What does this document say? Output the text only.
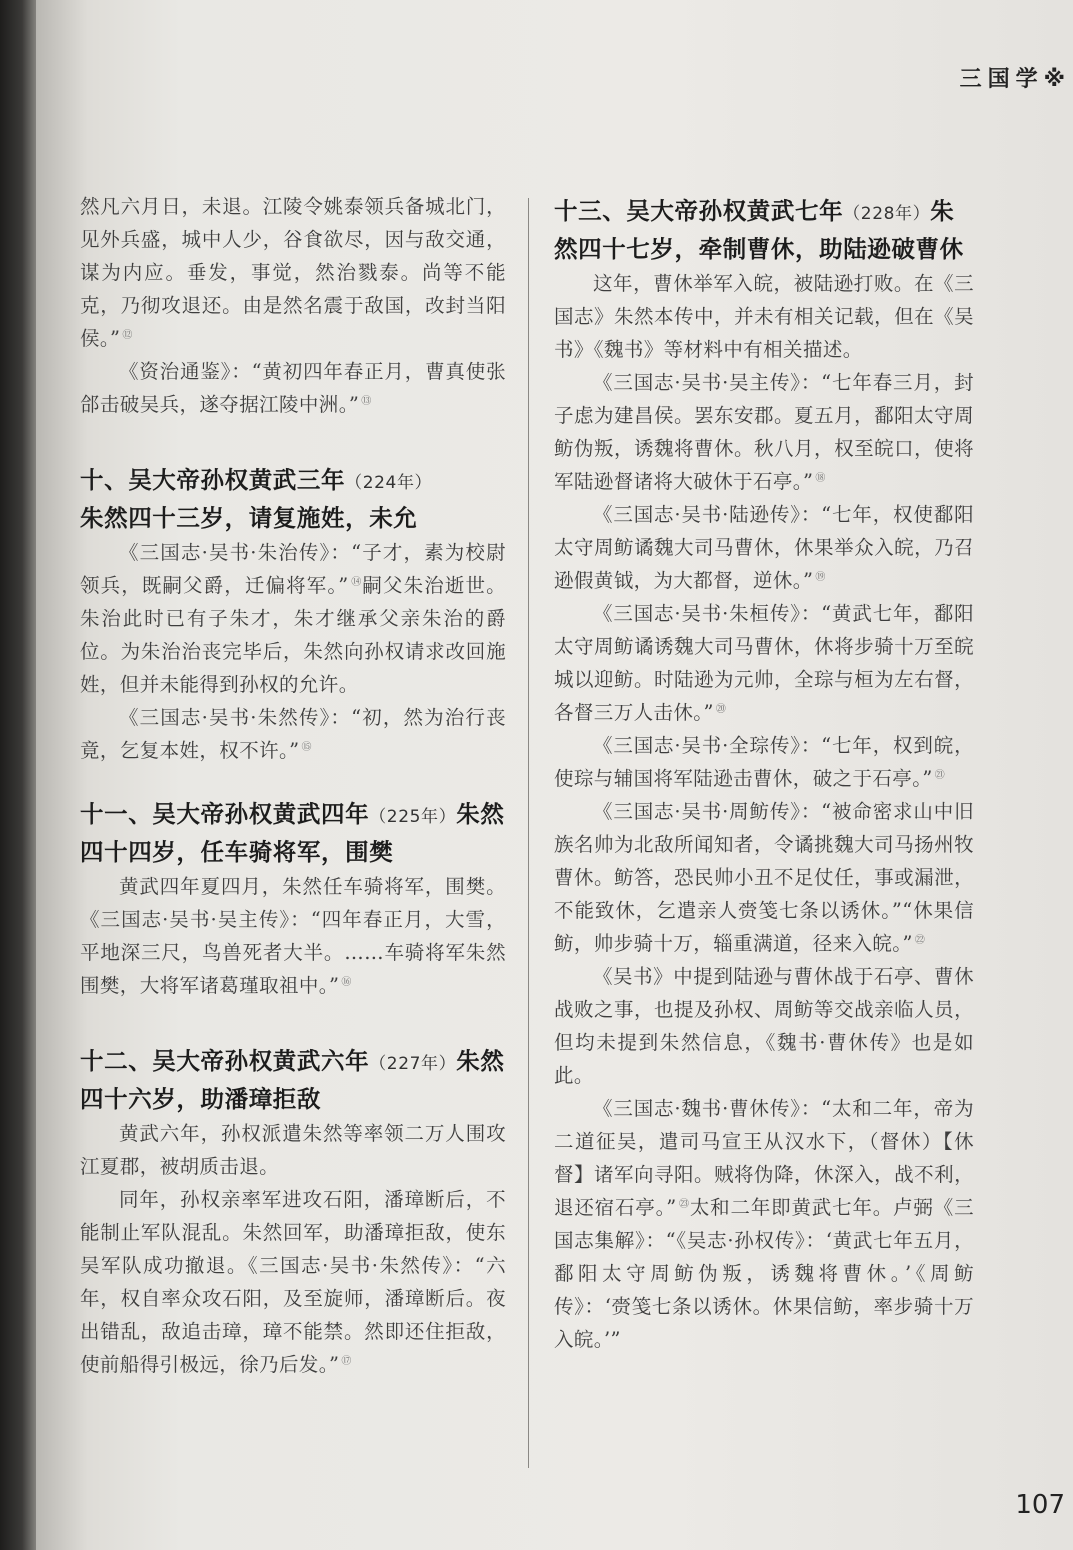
三国学※

然凡六月日，未退。江陵令姚泰领兵备城北门，见外兵盛，城中人少，谷食欲尽，因与敌交通，谋为内应。垂发，事觉，然治戮泰。尚等不能克，乃彻攻退还。由是然名震于敌国，改封当阳侯。” ⑫

《资治通鉴》：“黄初四年春正月，曹真使张郃击破吴兵，遂夺据江陵中洲。” ⑬

十、吴大帝孙权黄武三年（224年）
朱然四十三岁，请复施姓，未允

《三国志·吴书·朱治传》：“子才，素为校尉领兵，既嗣父爵，迁偏将军。” ⑭嗣父朱治逝世。朱治此时已有子朱才，朱才继承父亲朱治的爵位。为朱治治丧完毕后，朱然向孙权请求改回施姓，但并未能得到孙权的允许。

《三国志·吴书·朱然传》：“初，然为治行丧竟，乞复本姓，权不许。” ⑮

十一、吴大帝孙权黄武四年（225年）朱然四十四岁，任车骑将军，围樊

黄武四年夏四月，朱然任车骑将军，围樊。《三国志·吴书·吴主传》：“四年春正月，大雪，平地深三尺，鸟兽死者大半。……车骑将军朱然围樊，大将军诸葛瑾取祖中。” ⑯

十二、吴大帝孙权黄武六年（227年）朱然四十六岁，助潘璋拒敌

黄武六年，孙权派遣朱然等率领二万人围攻江夏郡，被胡质击退。

同年，孙权亲率军进攻石阳，潘璋断后，不能制止军队混乱。朱然回军，助潘璋拒敌，使东吴军队成功撤退。《三国志·吴书·朱然传》：“六年，权自率众攻石阳，及至旋师，潘璋断后。夜出错乱，敌追击璋，璋不能禁。然即还住拒敌，使前船得引极远，徐乃后发。” ⑰

十三、吴大帝孙权黄武七年（228年）朱然四十七岁，牵制曹休，助陆逊破曹休

这年，曹休举军入皖，被陆逊打败。在《三国志》朱然本传中，并未有相关记载，但在《吴书》《魏书》等材料中有相关描述。

《三国志·吴书·吴主传》：“七年春三月，封子虑为建昌侯。罢东安郡。夏五月，鄱阳太守周鲂伪叛，诱魏将曹休。秋八月，权至皖口，使将军陆逊督诸将大破休于石亭。” ⑱

《三国志·吴书·陆逊传》：“七年，权使鄱阳太守周鲂谲魏大司马曹休，休果举众入皖，乃召逊假黄钺，为大都督，逆休。” ⑲

《三国志·吴书·朱桓传》：“黄武七年，鄱阳太守周鲂谲诱魏大司马曹休，休将步骑十万至皖城以迎鲂。时陆逊为元帅，全琮与桓为左右督，各督三万人击休。” ⑳

《三国志·吴书·全琮传》：“七年，权到皖，使琮与辅国将军陆逊击曹休，破之于石亭。” $^㉑$

《三国志·吴书·周鲂传》：“被命密求山中旧族名帅为北敌所闻知者，令谲挑魏大司马扬州牧曹休。鲂答，恐民帅小丑不足仗任，事或漏泄，不能致休，乞遣亲人赍笺七条以诱休。”“休果信鲂，帅步骑十万，辎重满道，径来入皖。” $^㉒$

《吴书》中提到陆逊与曹休战于石亭、曹休战败之事，也提及孙权、周鲂等交战亲临人员，但均未提到朱然信息，《魏书·曹休传》也是如此。

《三国志·魏书·曹休传》：“太和二年，帝为二道征吴，遣司马宣王从汉水下，（督休）【休督】诸军向寻阳。贼将伪降，休深入，战不利，退还宿石亭。” $^㉓$太和二年即黄武七年。卢弼《三国志集解》：“《吴志·孙权传》：‘黄武七年五月，鄱阳太守周鲂伪叛，诱魏将曹休。’《周鲂传》：‘赍笺七条以诱休。休果信鲂，率步骑十万入皖。’”

107
